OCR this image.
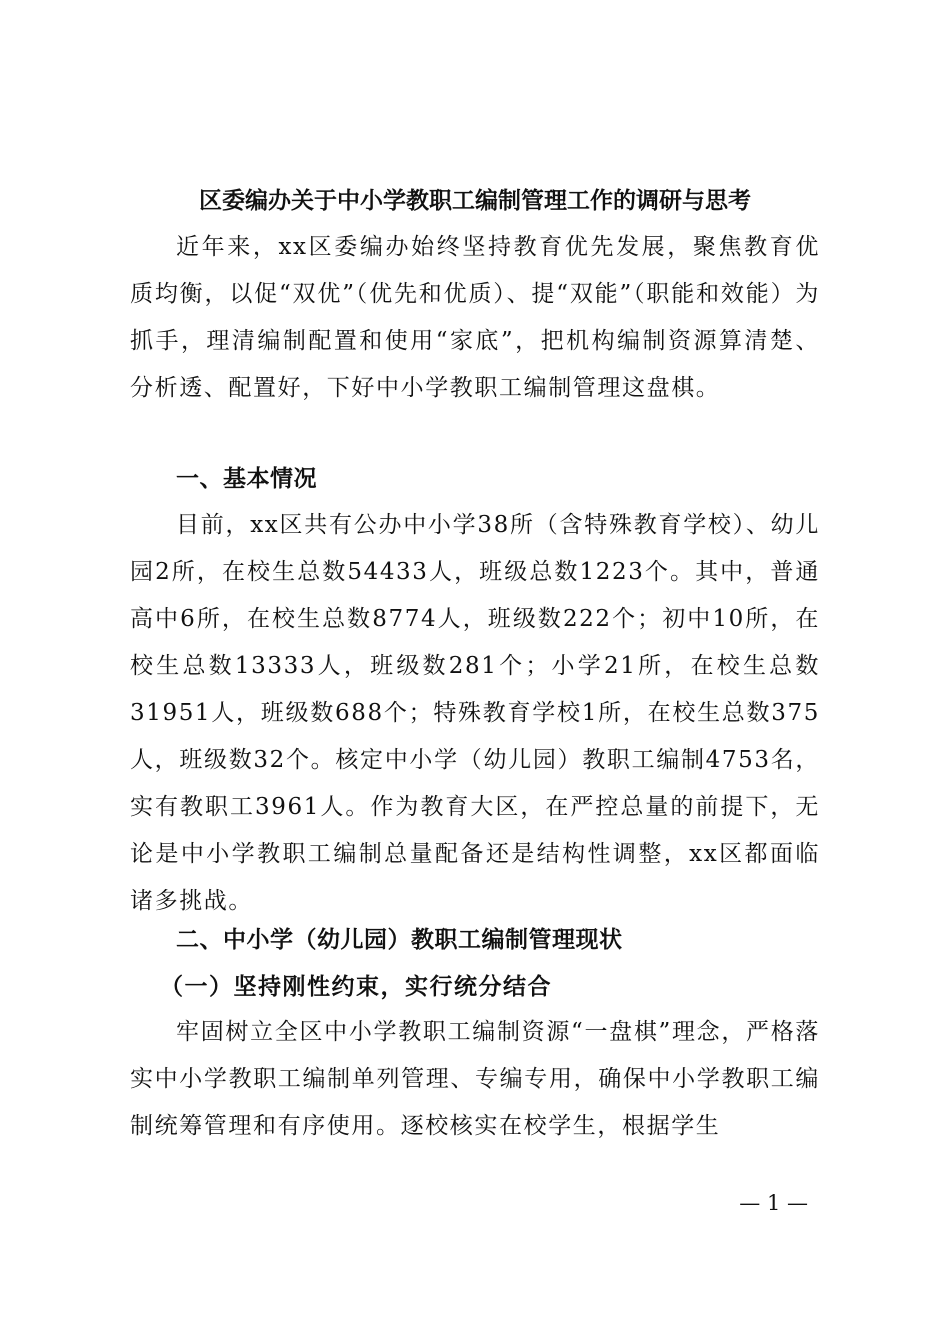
区委编办关于中小学教职工编制管理工作的调研与思考

近年来，xx区委编办始终坚持教育优先发展，聚焦教育优质均衡，以促“双优”（优先和优质）、提“双能”（职能和效能）为抓手，理清编制配置和使用“家底”，把机构编制资源算清楚、分析透、配置好，下好中小学教职工编制管理这盘棋。

一、基本情况

目前，xx区共有公办中小学38所（含特殊教育学校）、幼儿园2所，在校生总数54433人，班级总数1223个。其中，普通高中6所，在校生总数8774人，班级数222个；初中10所，在校生总数13333人，班级数281个；小学21所，在校生总数31951人，班级数688个；特殊教育学校1所，在校生总数375人，班级数32个。核定中小学（幼儿园）教职工编制4753名，实有教职工3961人。作为教育大区，在严控总量的前提下，无论是中小学教职工编制总量配备还是结构性调整，xx区都面临诸多挑战。

二、中小学（幼儿园）教职工编制管理现状

（一）坚持刚性约束，实行统分结合

牢固树立全区中小学教职工编制资源“一盘棋”理念，严格落实中小学教职工编制单列管理、专编专用，确保中小学教职工编制统筹管理和有序使用。逐校核实在校学生，根据学生

— 1 —
